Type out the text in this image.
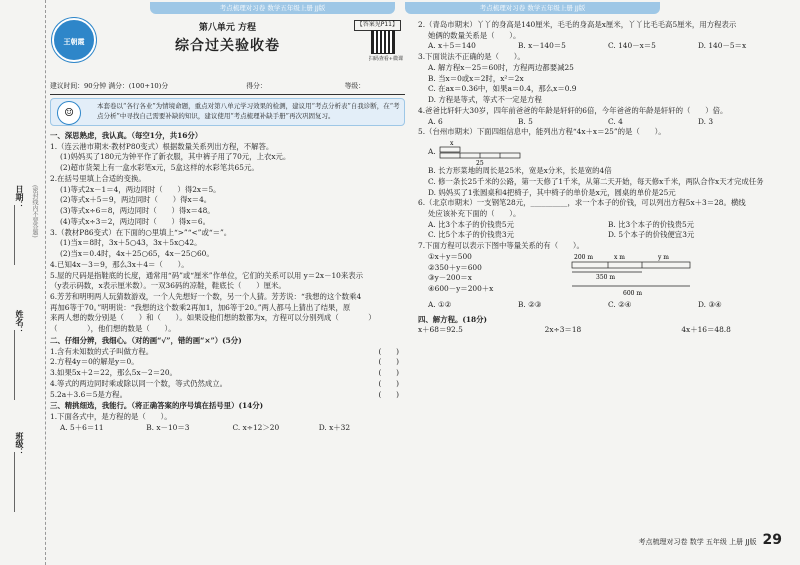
考点梳理对习卷 数学五年级上册 JJ版	考点梳理对习卷 数学五年级上册 JJ版
日期： (密封线内不要答题)
姓名：
班级：
王朝霞
第八单元 方程
综合过关验收卷
【答案见P11】
扫码查看+微课
建议时间：90分钟 满分：(100+10)分	得分：	等级：
☺	本套卷以“各行各业”为情境命题，重点对第八单元学习效果的检测，建议用“考点分析表”自我诊断，在“考点分析”中寻找自己需要补缺的知识，建议使用“考点梳理补缺手册”再次巩固复习。
一、深思熟虑，我认真。（每空1分，共16分）
1.（连云港市期末·教材P80变式）根据数量关系列出方程，不解答。
(1)妈妈买了180元为钟平作了新衣服，其中裤子用了70元，上衣x元。
(2)超市货架上有一盒水彩笔x元，5盒这样的水彩笔共65元。
2.在括号里填上合适的变换。
(1)等式2x－1＝4，两边同时（　　）得2x＝5。
(2)等式x＋5＝9，两边同时（　　）得x＝4。
(3)等式x÷6＝8，两边同时（　　）得x＝48。
(4)等式x÷3＝2，两边同时（　　）得x＝6。
3.（教材P86变式）在下面的○里填上“>”“<”或“＝”。
(1)当x＝8时，3x＋5○43，3x＋5x○42。
(2)当x＝0.4时，4x＋25○65，4x－25○60。
4.已知4x－3＝9，那么3x＋4＝（　　）。
5.屋的尺码是指鞋底的长度，通常用“码”或“厘米”作单位，它们的关系可以用 y＝2x－10来表示
（y表示码数，x表示厘米数）。一双36码的凉鞋，鞋底长（　　）厘米。
6.芳芳和明明两人玩猜数游戏，一个人先想好一个数，另一个人猜。芳芳说：“我想的这个数乘4
再加6等于70。”明明说：“我想的这个数乘2再加1，加6等于20。”两人都马上猜出了结果，原
来两人想的数分别是（　　）和（　　）。如果设他们想的数都为x，方程可以分别列成（　　　　）
（　　　　），他们想的数是（　　）。
二、仔细分辨，我细心。（对的画“√”，错的画“×”）(5分)
1.含有未知数的式子叫做方程。	(　　)
2.方程4y＝0的解是y＝0。	(　　)
3.如果5x＋2＝22，那么5x－2＝20。	(　　)
4.等式的两边同时乘或除以同一个数，等式仍然成立。	(　　)
5.2a＋3.6＝5是方程。	(　　)
三、精挑细选，我能行。（将正确答案的序号填在括号里）(14分)
1.下面各式中，是方程的是（　　）。
A. 5＋6＝11	B. x－10＝3	C. x÷12＞20	D. x＋32
2.（青岛市期末）丫丫的身高是140厘米，毛毛的身高是x厘米，丫丫比毛毛高5厘米，用方程表示
她俩的数量关系是（　　）。
A. x＋5＝140	B. x－140＝5	C. 140－x＝5	D. 140－5＝x
3.下面说法不正确的是（　　）。
A. 解方程x－25＝60时，方程两边都要减25
B. 当x＝0或x＝2时，x²＝2x
C. 在ax＝0.36中，如果a＝0.4，那么x＝0.9
D. 方程是等式，等式不一定是方程
4.爸爸比轩轩大30岁，四年前爸爸的年龄是轩轩的6倍，今年爸爸的年龄是轩轩的（　　）倍。
A. 6	B. 5	C. 4	D. 3
5.（台州市期末）下面四组信息中，能列出方程“4x＋x＝25”的是（　　）。
A.
x
25
B. 长方形菜地的周长是25米，宽是x分米，长是宽的4倍
C. 修一条长25千米的公路，第一天修了1千米，从第二天开始，每天修x千米，两队合作x天才完成任务
D. 妈妈买了1张圆桌和4把椅子，其中椅子的单价是x元，圆桌的单价是25元
6.（北京市期末）一支钢笔28元，__________，求一个本子的价钱，可以列出方程5x＋3＝28。横线
处应该补充下面的（　　）。
A. 比3个本子的价钱贵5元	B. 比3个本子的价钱贵5元
C. 比5个本子的价钱贵3元	D. 5个本子的价钱便宜3元
7.下面方程可以表示下图中等量关系的有（　　）。
①x＋y＝500
②350＋y＝600
③y－200＝x
④600－y＝200＋x
200 m	x m	y m
350 m
600 m
A. ①②	B. ②③	C. ②④	D. ③④
四、解方程。(18分)
x＋68＝92.5	2x÷3＝18	4x＋16＝48.8
考点梳理对习卷 数学 五年级 上册 JJ版 29
